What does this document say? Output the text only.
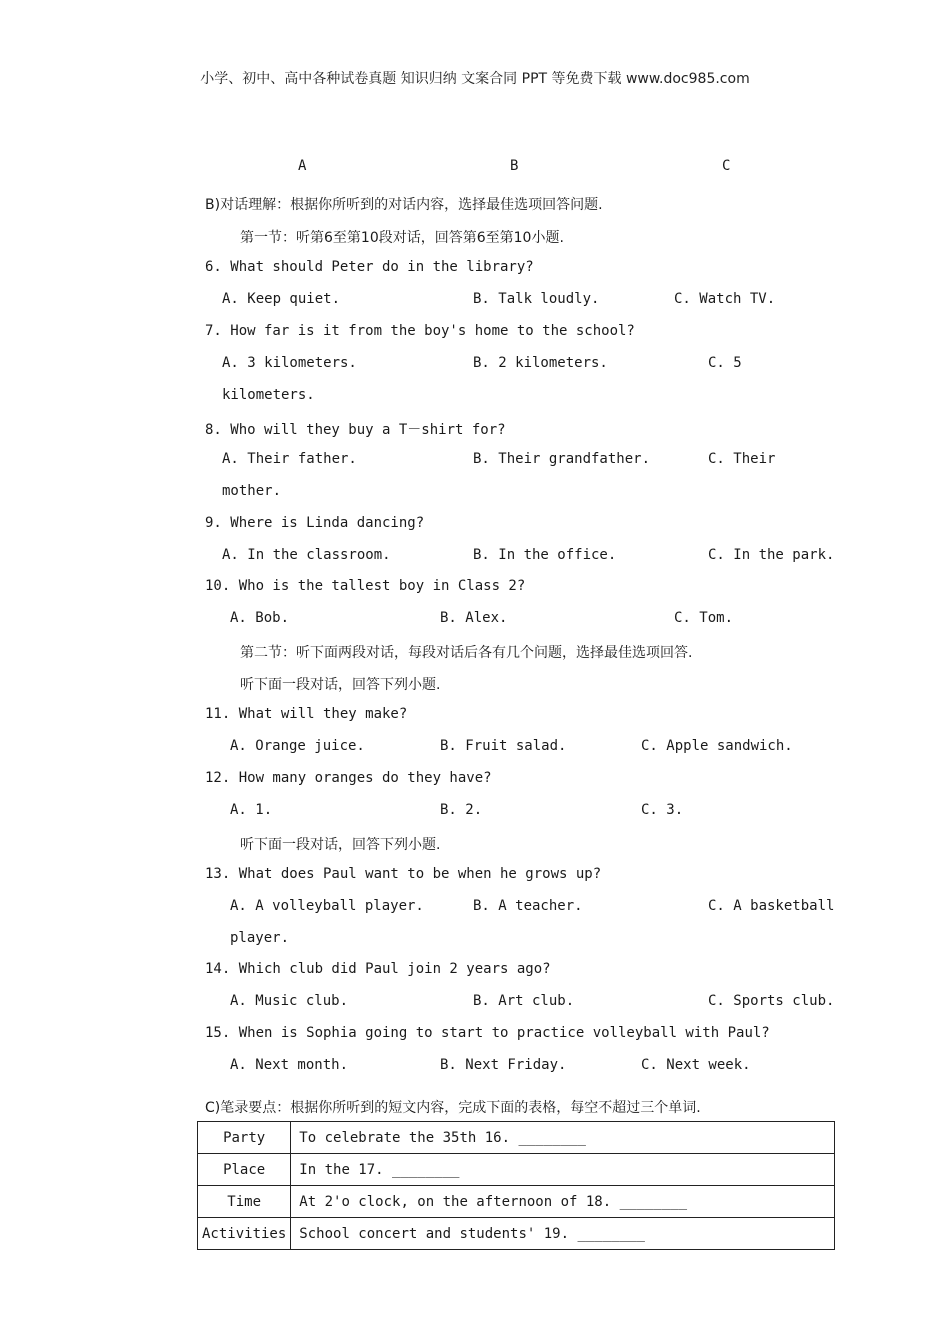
小学、初中、高中各种试卷真题 知识归纳 文案合同 PPT 等免费下载 www.doc985.com
A	B	C
B)对话理解：根据你所听到的对话内容，选择最佳选项回答问题.
第一节：听第6至第10段对话，回答第6至第10小题.
6. What should Peter do in the library?
A. Keep quiet.	B. Talk loudly.	C. Watch TV.
7. How far is it from the boy's home to the school?
A. 3 kilometers.	B. 2 kilometers.	C. 5
kilometers.
8. Who will they buy a T－shirt for?
A. Their father.	B. Their grandfather.	C. Their
mother.
9. Where is Linda dancing?
A. In the classroom.	B. In the office.	C. In the park.
10. Who is the tallest boy in Class 2?
A. Bob.	B. Alex.	C. Tom.
第二节：听下面两段对话，每段对话后各有几个问题，选择最佳选项回答.
听下面一段对话，回答下列小题.
11. What will they make?
A. Orange juice.	B. Fruit salad.	C. Apple sandwich.
12. How many oranges do they have?
A. 1.	B. 2.	C. 3.
听下面一段对话，回答下列小题.
13. What does Paul want to be when he grows up?
A. A volleyball player.	B. A teacher.	C. A basketball
player.
14. Which club did Paul join 2 years ago?
A. Music club.	B. Art club.	C. Sports club.
15. When is Sophia going to start to practice volleyball with Paul?
A. Next month.	B. Next Friday.	C. Next week.
C)笔录要点：根据你所听到的短文内容，完成下面的表格，每空不超过三个单词.
Party	To celebrate the 35th 16. ________
Place	In the 17. ________
Time	At 2'o clock, on the afternoon of 18. ________
Activities	School concert and students' 19. ________
